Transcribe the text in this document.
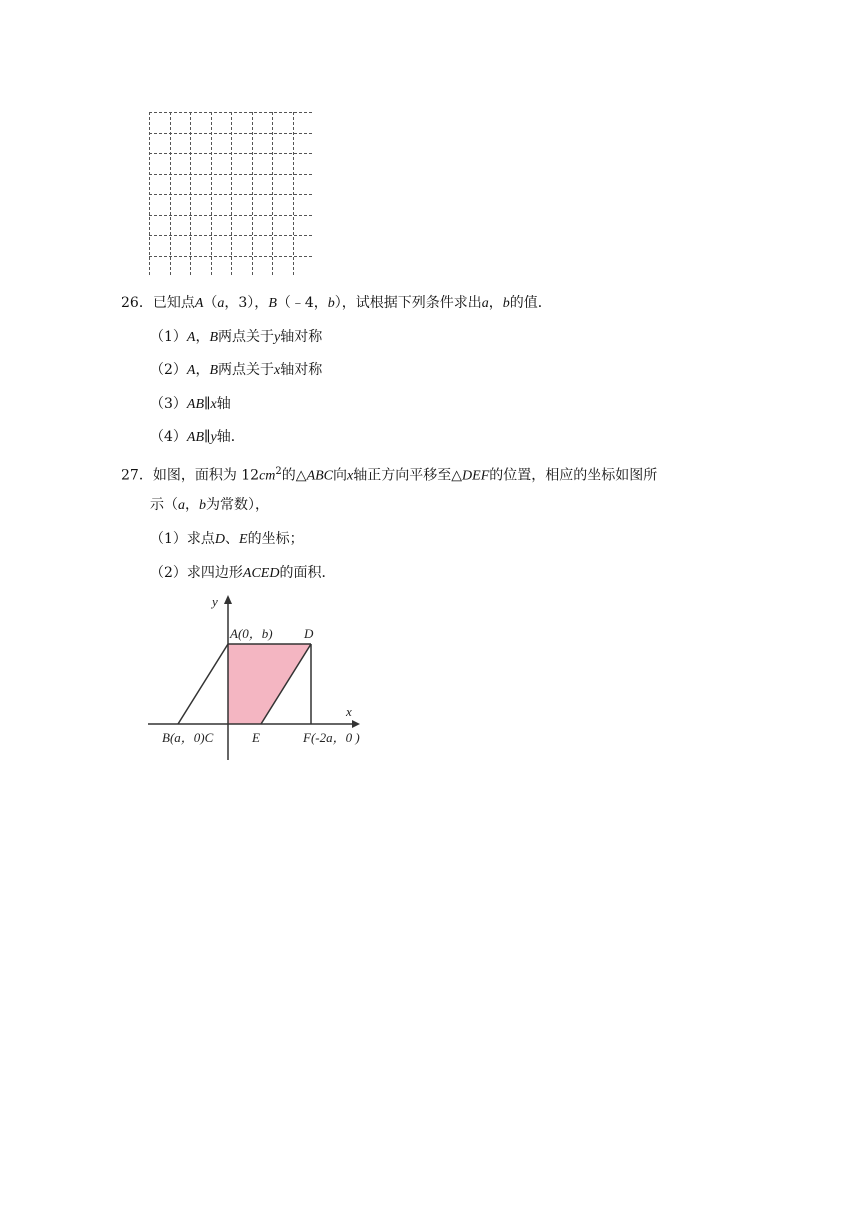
26．已知点A（a，3），B（﹣4，b），试根据下列条件求出a，b的值．
（1）A，B两点关于y轴对称
（2）A，B两点关于x轴对称
（3）AB∥x轴
（4）AB∥y轴．
27．如图，面积为 $12cm^2$的△ABC向x轴正方向平移至△DEF的位置，相应的坐标如图所
示（a，b为常数），
（1）求点D、E的坐标；
（2）求四边形ACED的面积．
y
x
A(0，b) D
B(a，0)C	E	F(-2a，0 )
